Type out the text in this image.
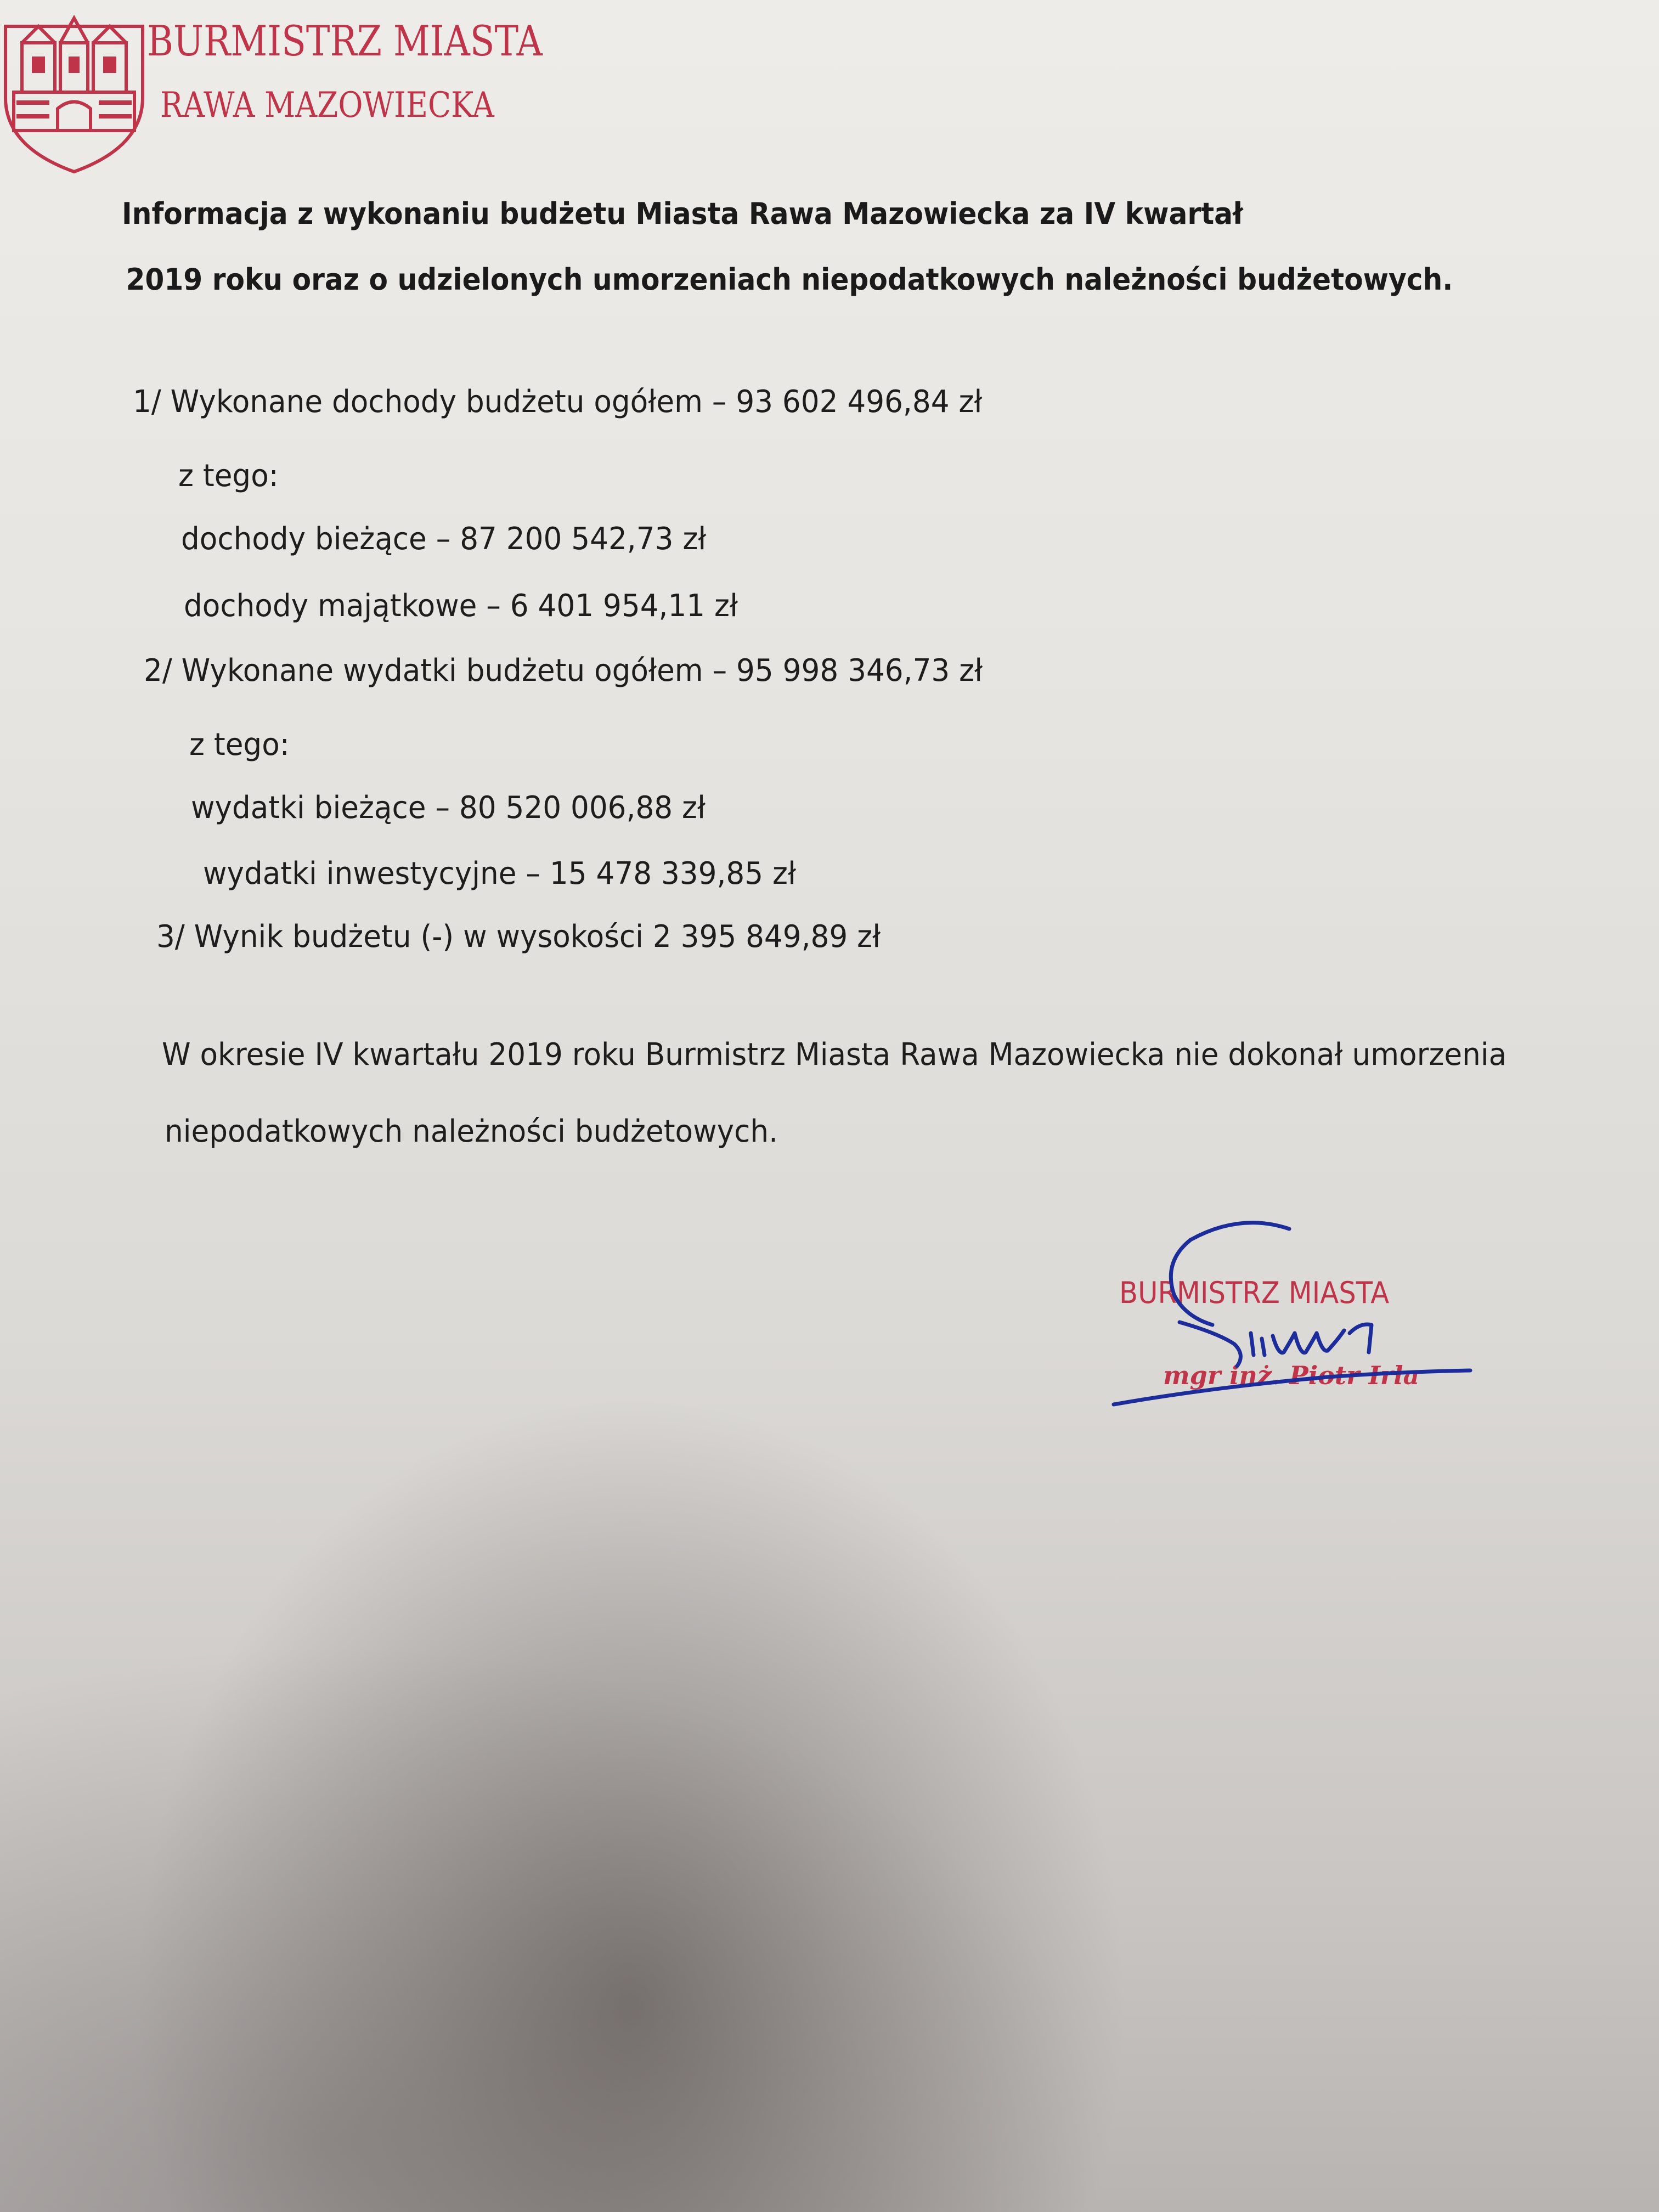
BURMISTRZ MIASTA
RAWA MAZOWIECKA
Informacja z wykonaniu budżetu Miasta Rawa Mazowiecka za IV kwartał
2019 roku oraz o udzielonych umorzeniach niepodatkowych należności budżetowych.
1/ Wykonane dochody budżetu ogółem – 93 602 496,84 zł
z tego:
dochody bieżące – 87 200 542,73 zł
dochody majątkowe – 6 401 954,11 zł
2/ Wykonane wydatki budżetu ogółem – 95 998 346,73 zł
z tego:
wydatki bieżące – 80 520 006,88 zł
wydatki inwestycyjne – 15 478 339,85 zł
3/ Wynik budżetu (-) w wysokości 2 395 849,89 zł
W okresie IV kwartału 2019 roku Burmistrz Miasta Rawa Mazowiecka nie dokonał umorzenia
niepodatkowych należności budżetowych.
BURMISTRZ MIASTA
mgr inż. Piotr Irla
